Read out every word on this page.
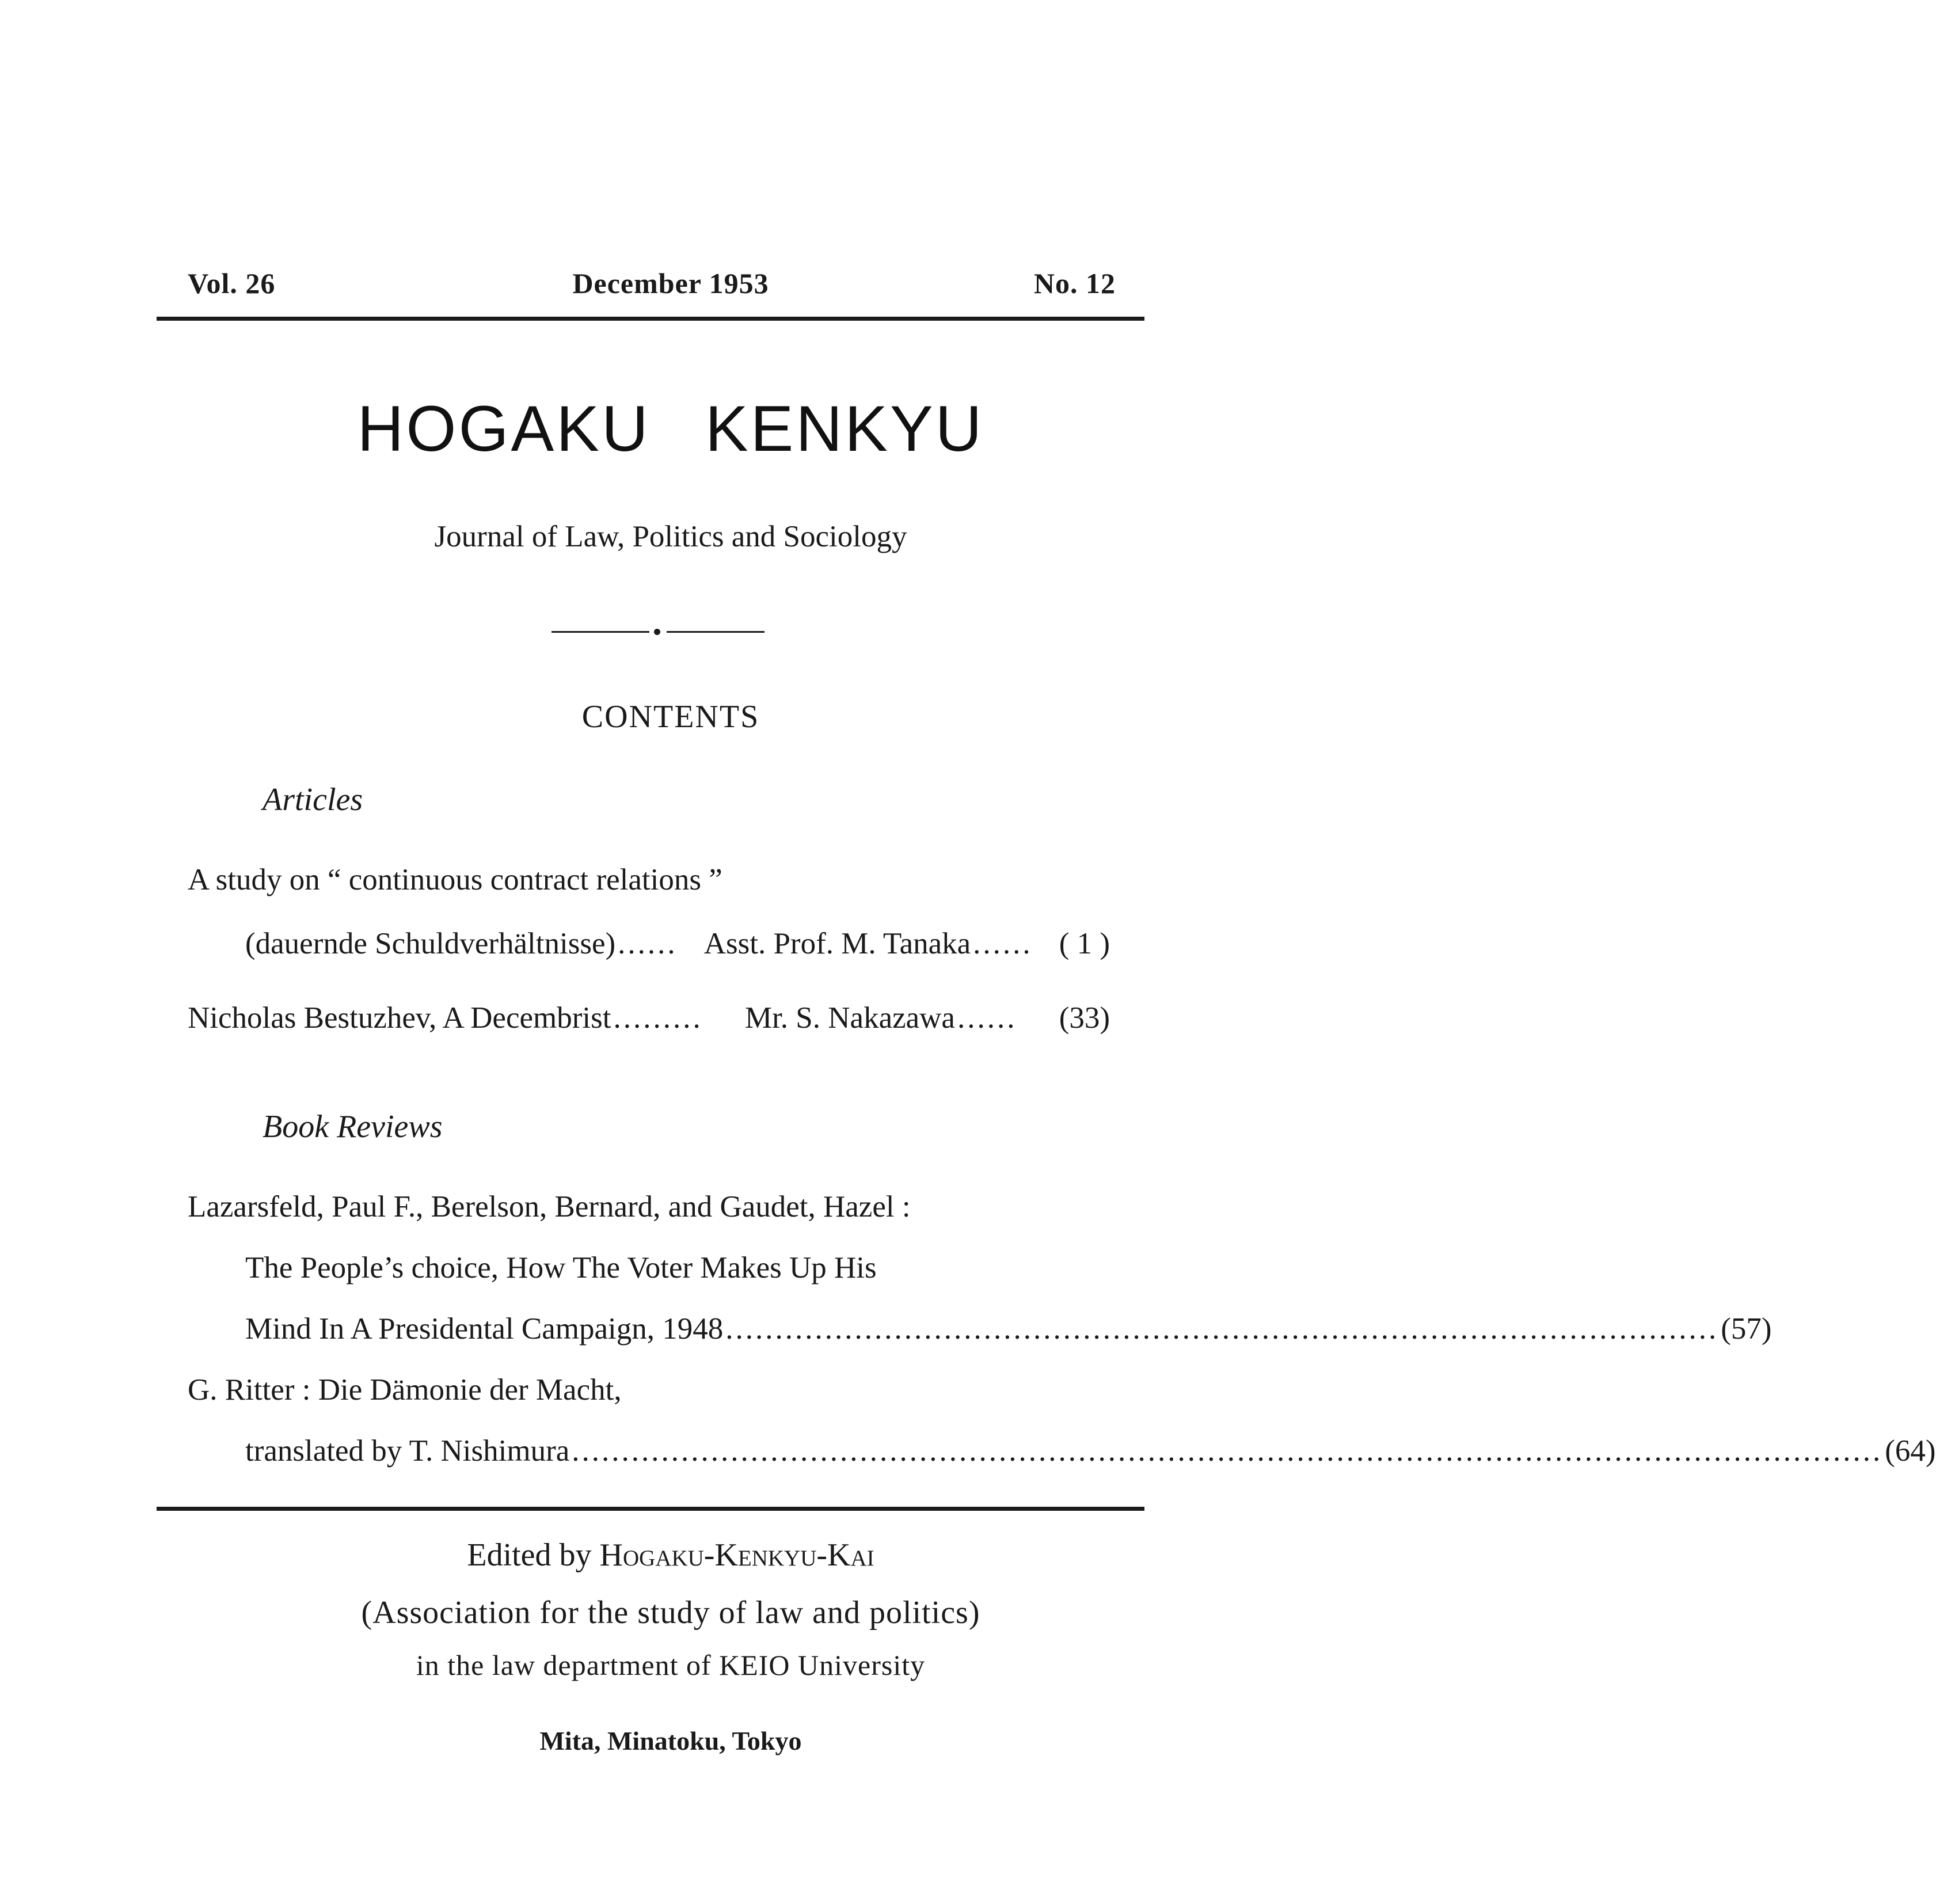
Vol. 26	December 1953	No. 12
HOGAKU KENKYU
Journal of Law, Politics and Sociology
CONTENTS
Articles
A study on “ continuous contract relations ”
(dauernde Schuldverhältnisse) ...... Asst. Prof. M. Tanaka ...... ( 1 )
Nicholas Bestuzhev, A Decembrist .........	Mr. S. Nakazawa ......	(33)
Book Reviews
Lazarsfeld, Paul F., Berelson, Bernard, and Gaudet, Hazel :
The People’s choice, How The Voter Makes Up His
Mind In A Presidental Campaign, 1948 .................................................................................................... (57)
G. Ritter : Die Dämonie der Macht,
translated by T. Nishimura .................................................................................................................................... (64)
Edited by Hogaku-Kenkyu-Kai
(Association for the study of law and politics)
in the law department of KEIO University
Mita, Minatoku, Tokyo
